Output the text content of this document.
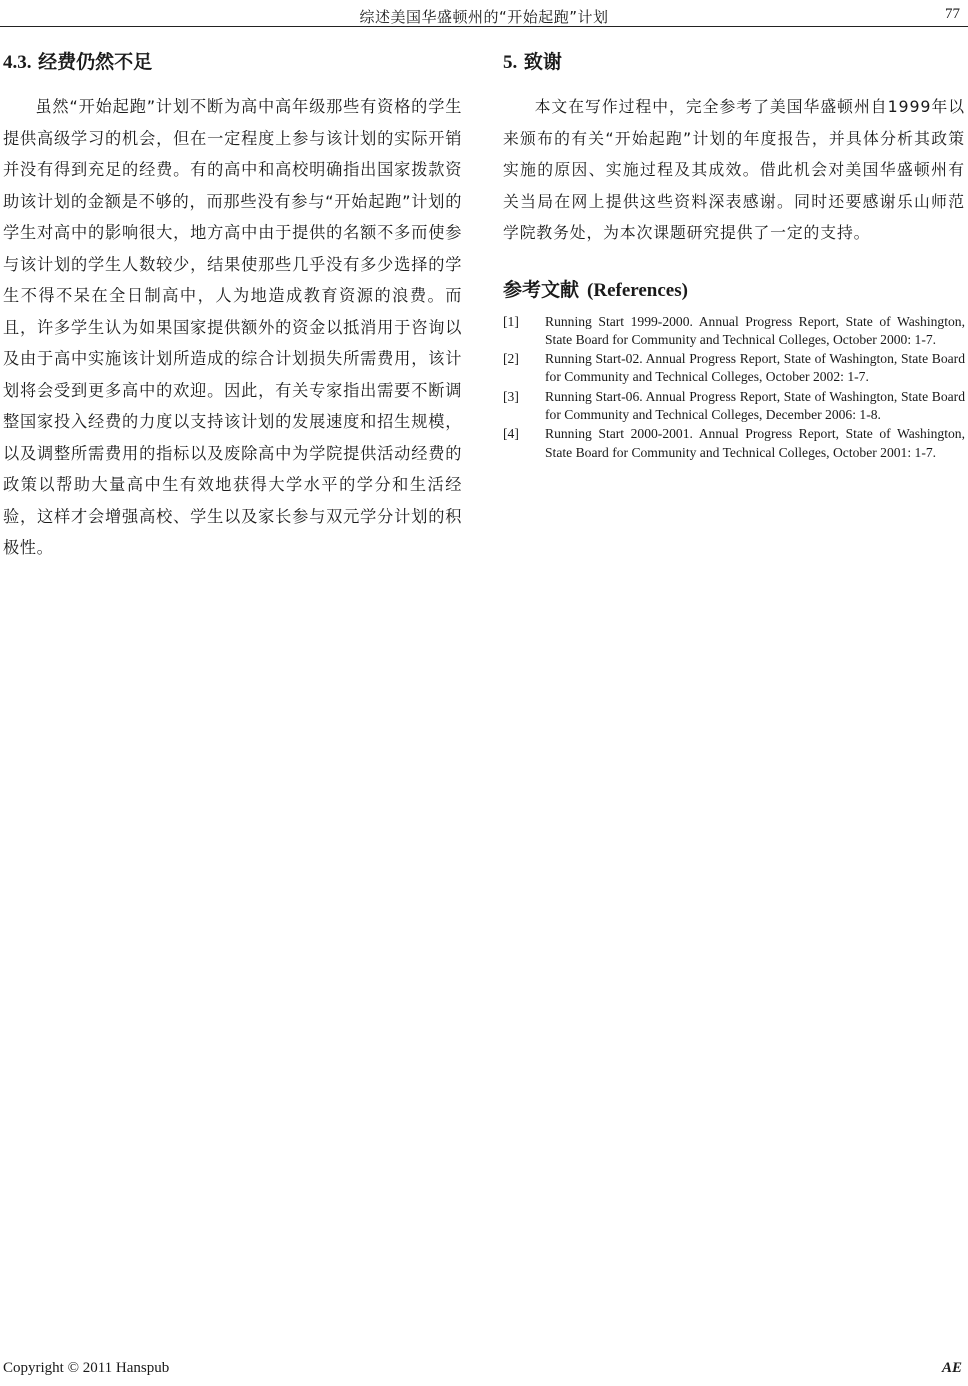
综述美国华盛顿州的“开始起跑”计划	77
4.3. 经费仍然不足

虽然“开始起跑”计划不断为高中高年级那些有资格的学生提供高级学习的机会，但在一定程度上参与该计划的实际开销并没有得到充足的经费。有的高中和高校明确指出国家拨款资助该计划的金额是不够的，而那些没有参与“开始起跑”计划的学生对高中的影响很大，地方高中由于提供的名额不多而使参与该计划的学生人数较少，结果使那些几乎没有多少选择的学生不得不呆在全日制高中，人为地造成教育资源的浪费。而且，许多学生认为如果国家提供额外的资金以抵消用于咨询以及由于高中实施该计划所造成的综合计划损失所需费用，该计划将会受到更多高中的欢迎。因此，有关专家指出需要不断调整国家投入经费的力度以支持该计划的发展速度和招生规模，以及调整所需费用的指标以及废除高中为学院提供活动经费的政策以帮助大量高中生有效地获得大学水平的学分和生活经验，这样才会增强高校、学生以及家长参与双元学分计划的积极性。

5. 致谢

本文在写作过程中，完全参考了美国华盛顿州自1999年以来颁布的有关“开始起跑”计划的年度报告，并具体分析其政策实施的原因、实施过程及其成效。借此机会对美国华盛顿州有关当局在网上提供这些资料深表感谢。同时还要感谢乐山师范学院教务处，为本次课题研究提供了一定的支持。

参考文献 (References)
[1] Running Start 1999-2000. Annual Progress Report, State of Washington, State Board for Community and Technical Colleges, October 2000: 1-7.
[2] Running Start-02. Annual Progress Report, State of Washington, State Board for Community and Technical Colleges, October 2002: 1-7.
[3] Running Start-06. Annual Progress Report, State of Washington, State Board for Community and Technical Colleges, December 2006: 1-8.
[4] Running Start 2000-2001. Annual Progress Report, State of Washington, State Board for Community and Technical Colleges, October 2001: 1-7.
Copyright © 2011 Hanspub	AE
